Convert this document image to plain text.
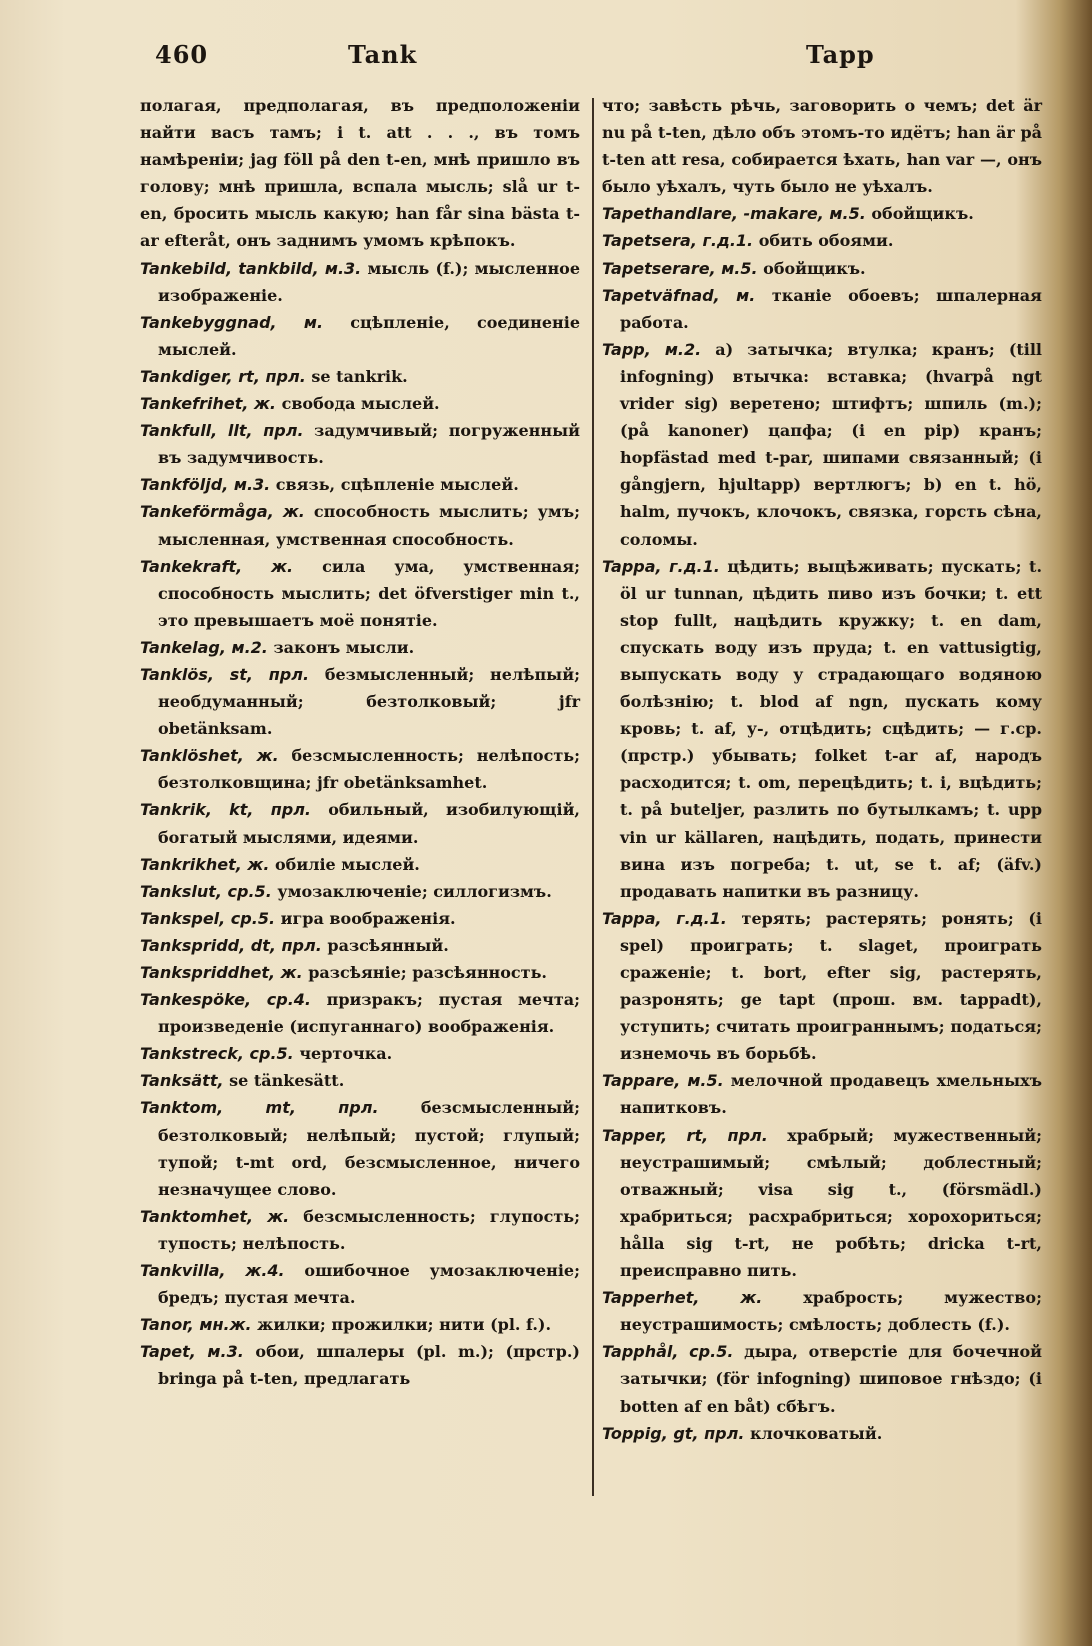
460	Tank	Tapp

полагая, предполагая, въ предположеніи найти васъ тамъ; i t. att . . ., въ томъ намѣреніи; jag föll på den t-en, мнѣ пришло въ голову; мнѣ пришла, вспала мысль; slå ur t-en, бросить мысль какую; han får sina bästa t-ar efteråt, онъ заднимъ умомъ крѣпокъ.

Tankebild, tankbild, м.3. мысль (f.); мысленное изображеніе.

Tankebyggnad, м. сцѣпленіе, соединеніе мыслей.

Tankdiger, rt, прл. se tankrik.

Tankefrihet, ж. свобода мыслей.

Tankfull, llt, прл. задумчивый; погруженный въ задумчивость.

Tankföljd, м.3. связь, сцѣпленіе мыслей.

Tankeförmåga, ж. способность мыслить; умъ; мысленная, умственная способность.

Tankekraft, ж. сила ума, умственная; способность мыслить; det öfverstiger min t., это превышаетъ моё понятіе.

Tankelag, м.2. законъ мысли.

Tanklös, st, прл. безмысленный; нелѣпый; необдуманный; безтолковый; jfr obetänksam.

Tanklöshet, ж. безсмысленность; нелѣпость; безтолковщина; jfr obetänksamhet.

Tankrik, kt, прл. обильный, изобилующій, богатый мыслями, идеями.

Tankrikhet, ж. обиліе мыслей.

Tankslut, ср.5. умозаключеніе; силлогизмъ.

Tankspel, ср.5. игра воображенія.

Tankspridd, dt, прл. разсѣянный.

Tankspriddhet, ж. разсѣяніе; разсѣянность.

Tankespöke, ср.4. призракъ; пустая мечта; произведеніе (испуганнаго) воображенія.

Tankstreck, ср.5. черточка.

Tanksätt, se tänkesätt.

Tanktom, mt, прл. безсмысленный; безтолковый; нелѣпый; пустой; глупый; тупой; t-mt ord, безсмысленное, ничего незначущее слово.

Tanktomhet, ж. безсмысленность; глупость; тупость; нелѣпость.

Tankvilla, ж.4. ошибочное умозаключеніе; бредъ; пустая мечта.

Tanor, мн.ж. жилки; прожилки; нити (pl. f.).

Tapet, м.3. обои, шпалеры (pl. m.); (прстр.) bringa på t-ten, предлагать

что; завѣсть рѣчь, заговорить о чемъ; det är nu på t-ten, дѣло объ этомъ-то идётъ; han är på t-ten att resa, собирается ѣхать, han var —, онъ было уѣхалъ, чуть было не уѣхалъ.

Tapethandlare, -makare, м.5. обойщикъ.

Tapetsera, г.д.1. обить обоями.

Tapetserare, м.5. обойщикъ.

Tapetväfnad, м. тканіе обоевъ; шпалерная работа.

Tapp, м.2. a) затычка; втулка; кранъ; (till infogning) втычка: вставка; (hvarpå ngt vrider sig) веретено; штифтъ; шпиль (m.); (på kanoner) цапфа; (i en pip) кранъ; hopfästad med t-par, шипами связанный; (i gångjern, hjultapp) вертлюгъ; b) en t. hö, halm, пучокъ, клочокъ, связка, горсть сѣна, соломы.

Tappa, г.д.1. цѣдить; выцѣживать; пускать; t. öl ur tunnan, цѣдить пиво изъ бочки; t. ett stop fullt, нацѣдить кружку; t. en dam, спускать воду изъ пруда; t. en vattusigtig, выпускать воду у страдающаго водяною болѣзнію; t. blod af ngn, пускать кому кровь; t. af, у-, отцѣдить; сцѣдить; — г.ср. (прстр.) убывать; folket t-ar af, народъ расходится; t. om, перецѣдить; t. i, вцѣдить; t. på buteljer, разлить по бутылкамъ; t. upp vin ur källaren, нацѣдить, подать, принести вина изъ погреба; t. ut, se t. af; (äfv.) продавать напитки въ разницу.

Tappa, г.д.1. терять; растерять; ронять; (i spel) проиграть; t. slaget, проиграть сраженіе; t. bort, efter sig, растерять, разронять; ge tapt (прош. вм. tappadt), уступить; считать проиграннымъ; податься; изнемочь въ борьбѣ.

Tappare, м.5. мелочной продавецъ хмельныхъ напитковъ.

Tapper, rt, прл. храбрый; мужественный; неустрашимый; смѣлый; доблестный; отважный; visa sig t., (försmädl.) храбриться; расхрабриться; хорохориться; hålla sig t-rt, не робѣть; dricka t-rt, преисправно пить.

Tapperhet, ж. храбрость; мужество; неустрашимость; смѣлость; доблесть (f.).

Tapphål, ср.5. дыра, отверстіе для бочечной затычки; (för infogning) шиповое гнѣздо; (i botten af en båt) сбѣгъ.

Toppig, gt, прл. клочковатый.
